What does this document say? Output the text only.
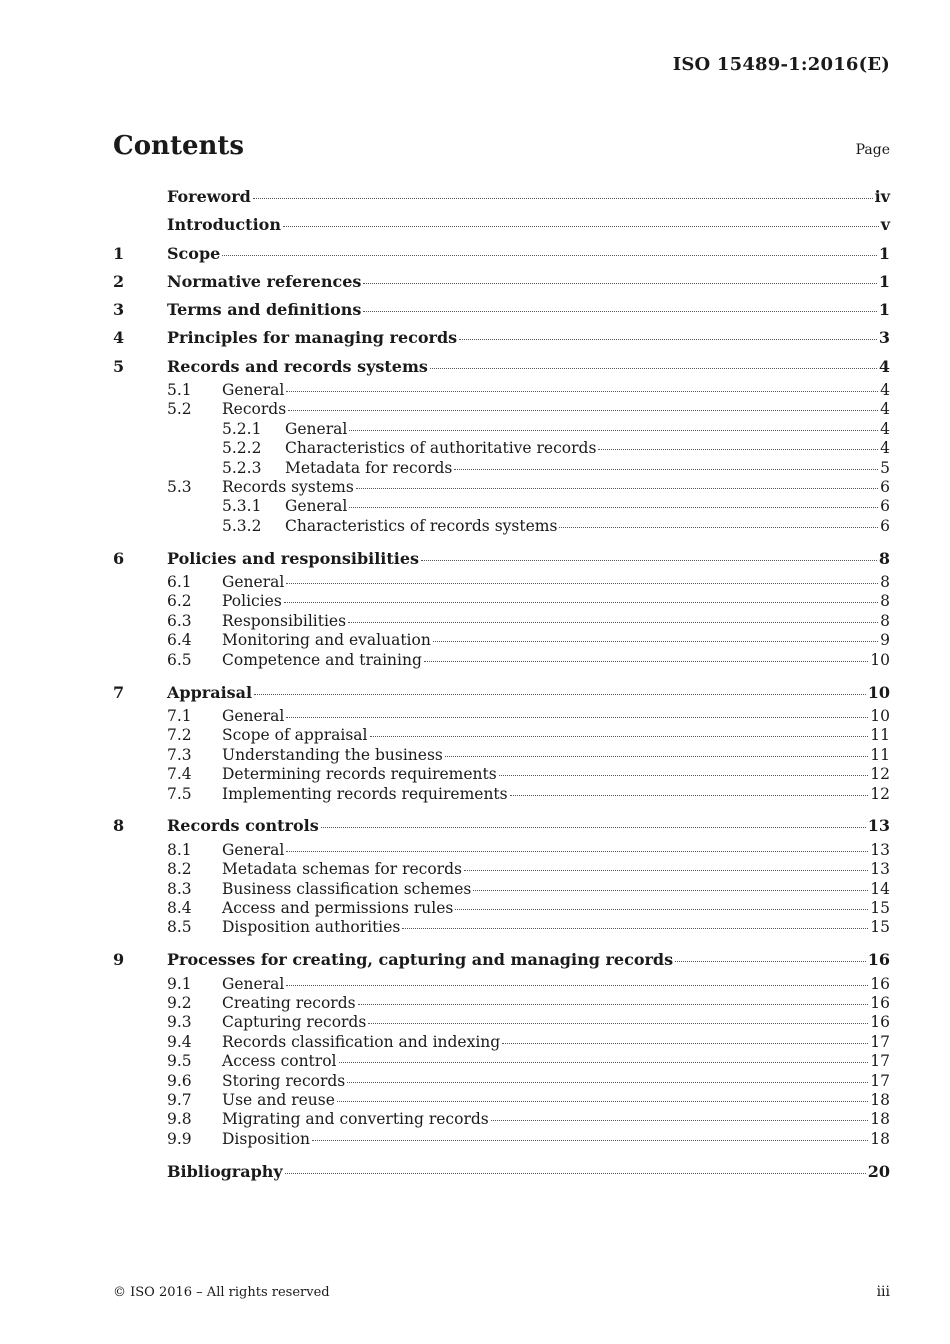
ISO 15489-1:2016(E)
Contents	Page
Foreword	iv
Introduction	v
1	Scope	1
2	Normative references	1
3	Terms and definitions	1
4	Principles for managing records	3
5	Records and records systems	4
5.1	General	4
5.2	Records	4
5.2.1	General	4
5.2.2	Characteristics of authoritative records	4
5.2.3	Metadata for records	5
5.3	Records systems	6
5.3.1	General	6
5.3.2	Characteristics of records systems	6
6	Policies and responsibilities	8
6.1	General	8
6.2	Policies	8
6.3	Responsibilities	8
6.4	Monitoring and evaluation	9
6.5	Competence and training	10
7	Appraisal	10
7.1	General	10
7.2	Scope of appraisal	11
7.3	Understanding the business	11
7.4	Determining records requirements	12
7.5	Implementing records requirements	12
8	Records controls	13
8.1	General	13
8.2	Metadata schemas for records	13
8.3	Business classification schemes	14
8.4	Access and permissions rules	15
8.5	Disposition authorities	15
9	Processes for creating, capturing and managing records	16
9.1	General	16
9.2	Creating records	16
9.3	Capturing records	16
9.4	Records classification and indexing	17
9.5	Access control	17
9.6	Storing records	17
9.7	Use and reuse	18
9.8	Migrating and converting records	18
9.9	Disposition	18
Bibliography	20
© ISO 2016 – All rights reserved	iii
